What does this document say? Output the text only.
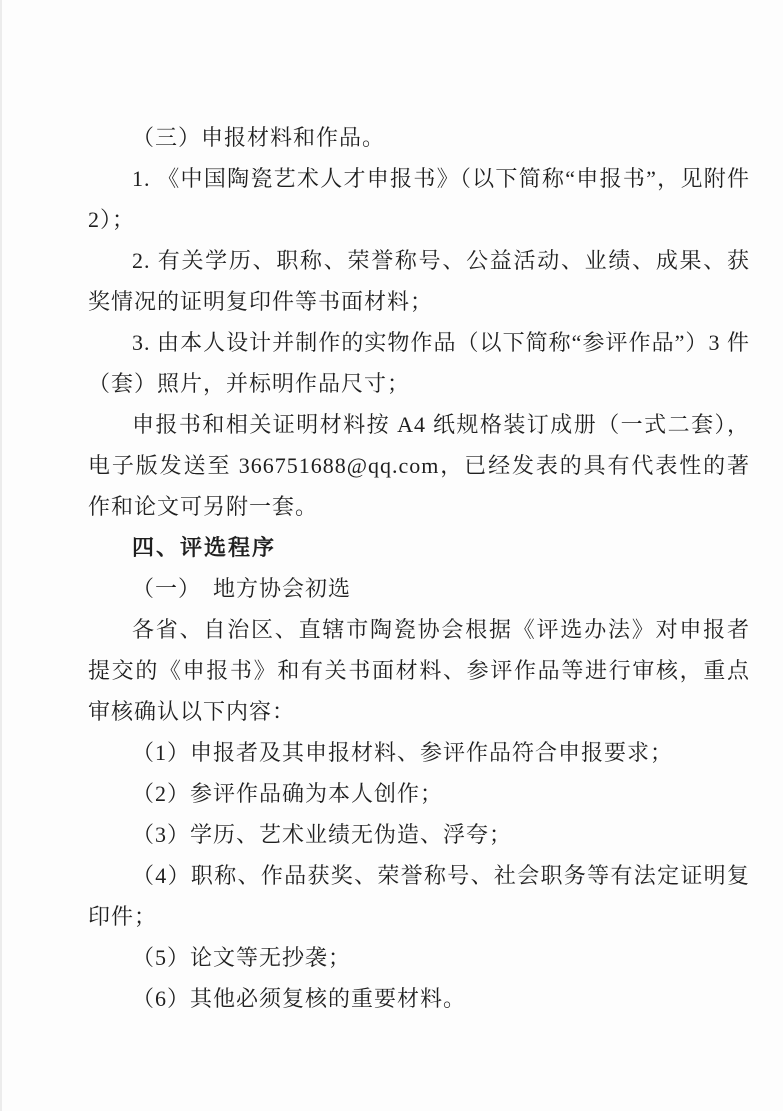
（三）申报材料和作品。

1. 《中国陶瓷艺术人才申报书》（以下简称“申报书”，见附件 2）；

2. 有关学历、职称、荣誉称号、公益活动、业绩、成果、获奖情况的证明复印件等书面材料；

3. 由本人设计并制作的实物作品（以下简称“参评作品”）3 件（套）照片，并标明作品尺寸；

申报书和相关证明材料按 A4 纸规格装订成册（一式二套），电子版发送至 366751688@qq.com，已经发表的具有代表性的著作和论文可另附一套。

四、评选程序

（一）　地方协会初选

各省、自治区、直辖市陶瓷协会根据《评选办法》对申报者提交的《申报书》和有关书面材料、参评作品等进行审核，重点审核确认以下内容：

（1）申报者及其申报材料、参评作品符合申报要求；

（2）参评作品确为本人创作；

（3）学历、艺术业绩无伪造、浮夸；

（4）职称、作品获奖、荣誉称号、社会职务等有法定证明复印件；

（5）论文等无抄袭；

（6）其他必须复核的重要材料。
